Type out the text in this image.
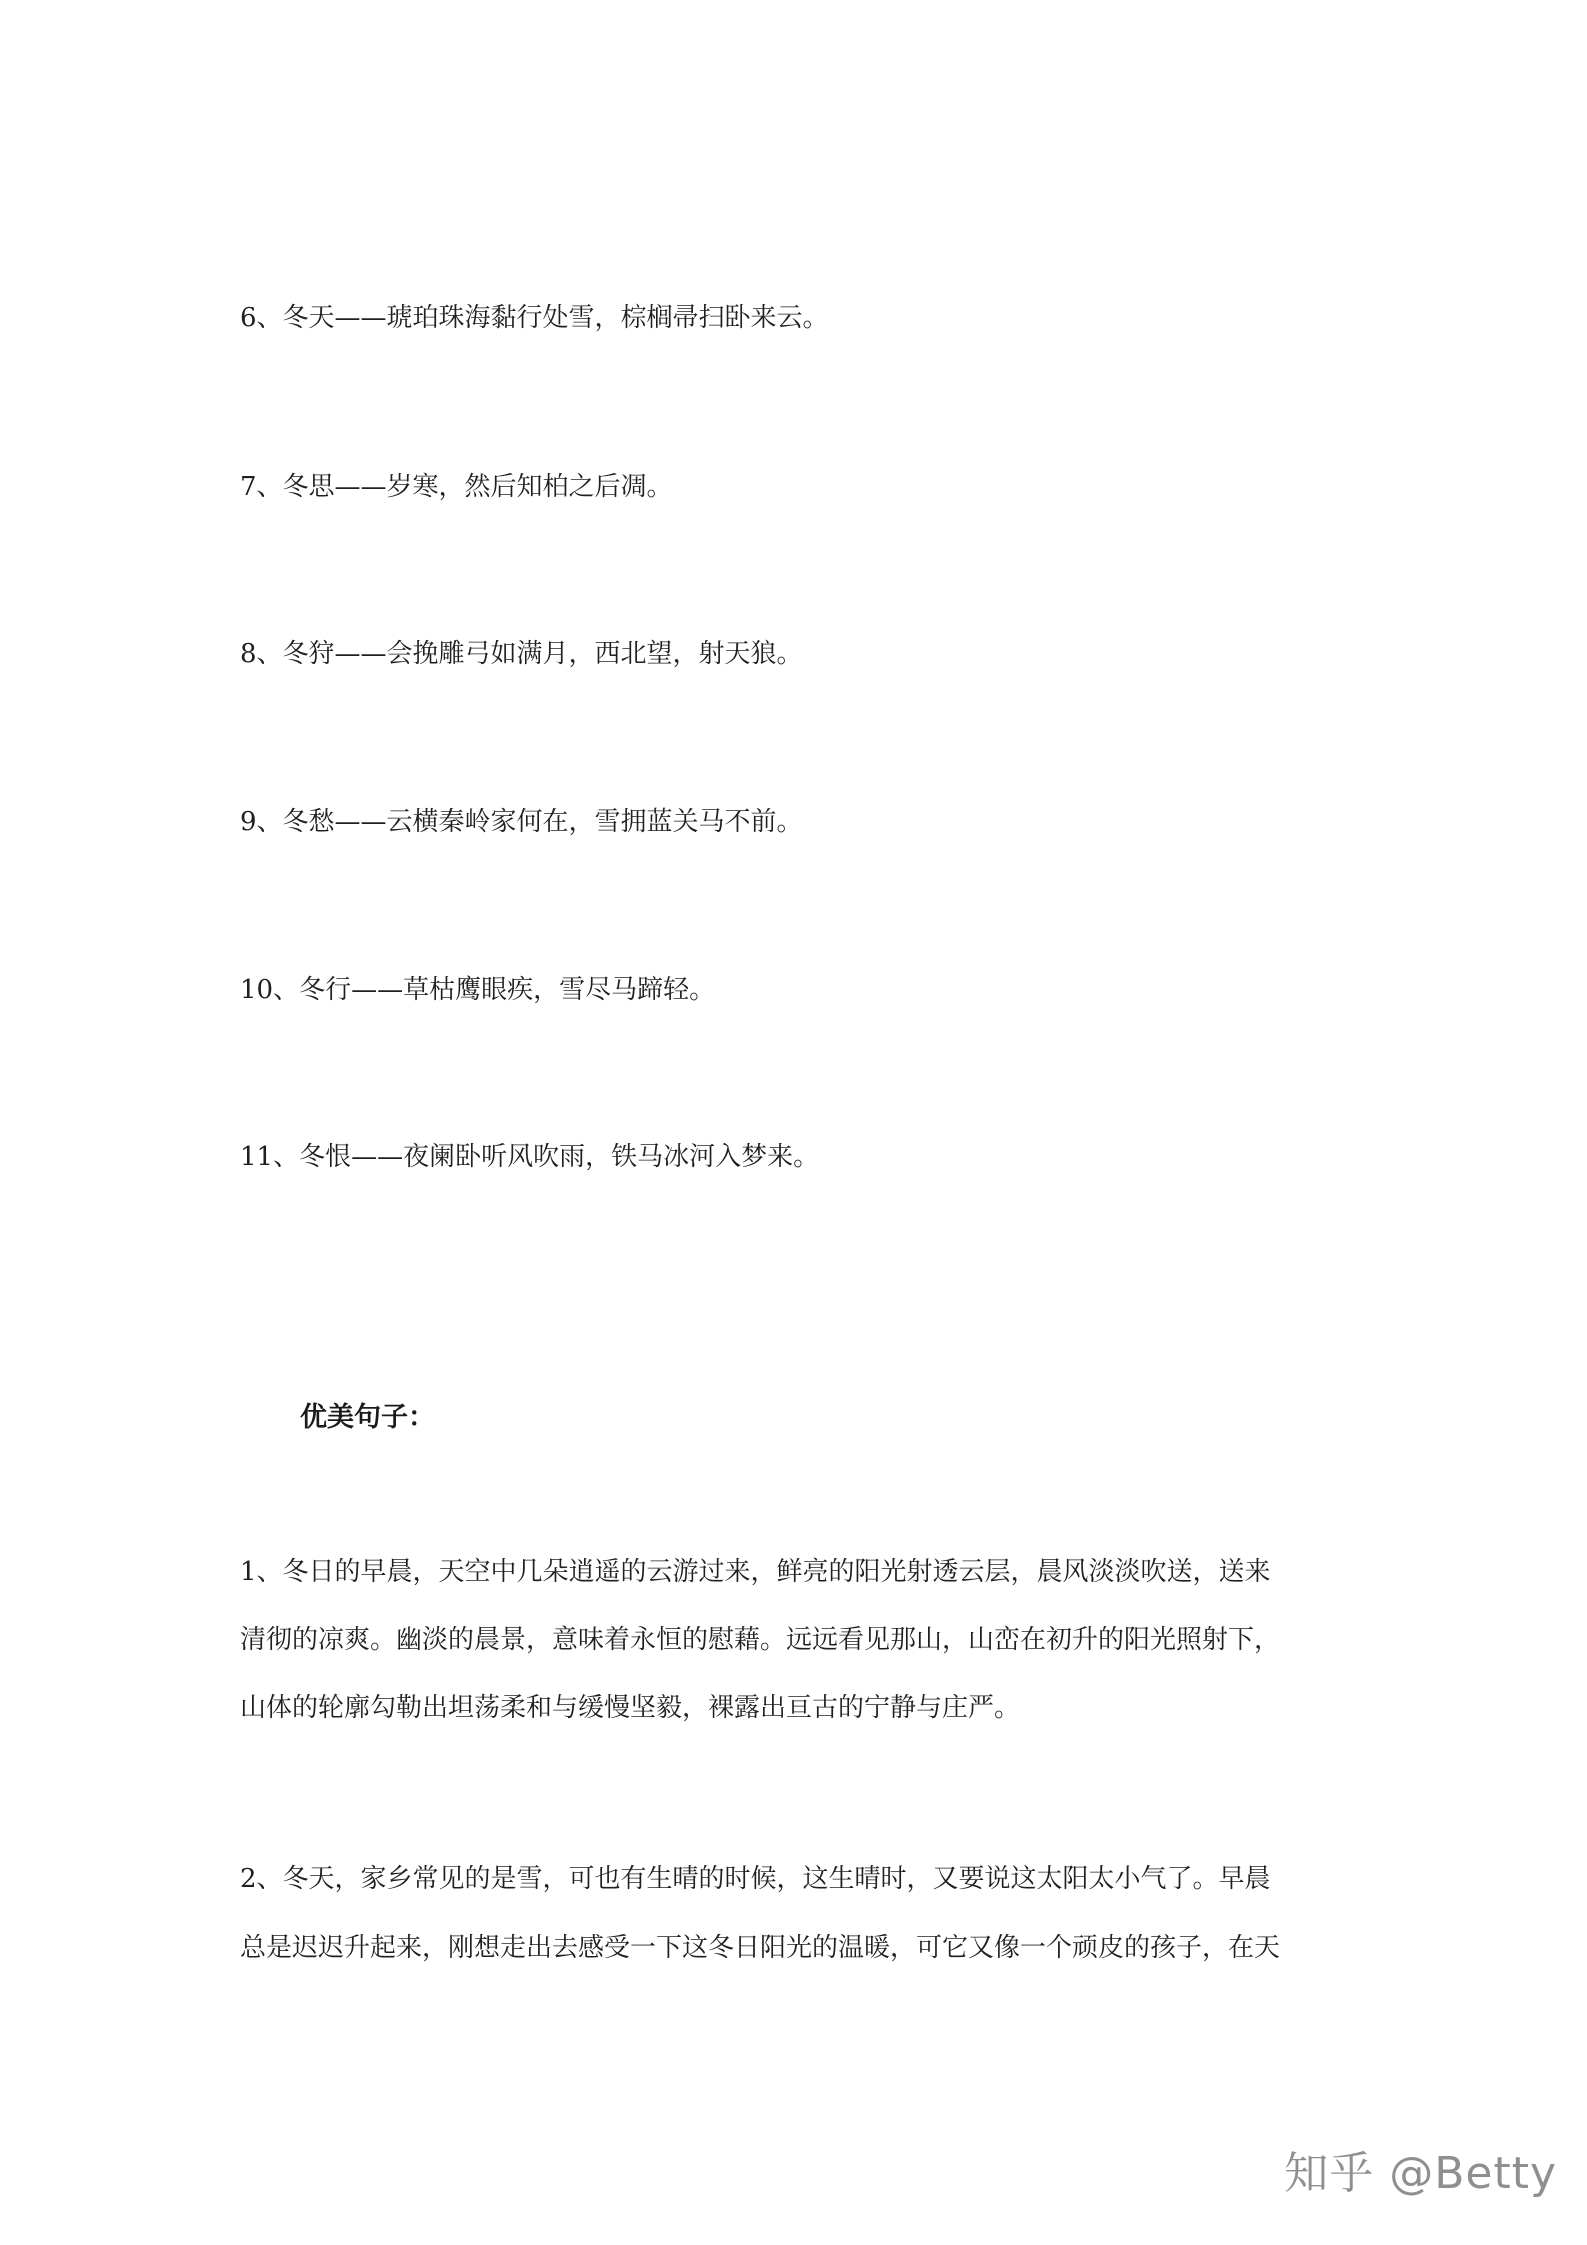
6、冬天——琥珀珠海黏行处雪，棕榈帚扫卧来云。
7、冬思——岁寒，然后知柏之后凋。
8、冬狩——会挽雕弓如满月，西北望，射天狼。
9、冬愁——云横秦岭家何在，雪拥蓝关马不前。
10、冬行——草枯鹰眼疾，雪尽马蹄轻。
11、冬恨——夜阑卧听风吹雨，铁马冰河入梦来。
优美句子：
1、冬日的早晨，天空中几朵逍遥的云游过来，鲜亮的阳光射透云层，晨风淡淡吹送，送来
清彻的凉爽。幽淡的晨景，意味着永恒的慰藉。远远看见那山，山峦在初升的阳光照射下，
山体的轮廓勾勒出坦荡柔和与缓慢坚毅，裸露出亘古的宁静与庄严。
2、冬天，家乡常见的是雪，可也有生晴的时候，这生晴时，又要说这太阳太小气了。早晨
总是迟迟升起来，刚想走出去感受一下这冬日阳光的温暖，可它又像一个顽皮的孩子，在天
知乎 @Betty
